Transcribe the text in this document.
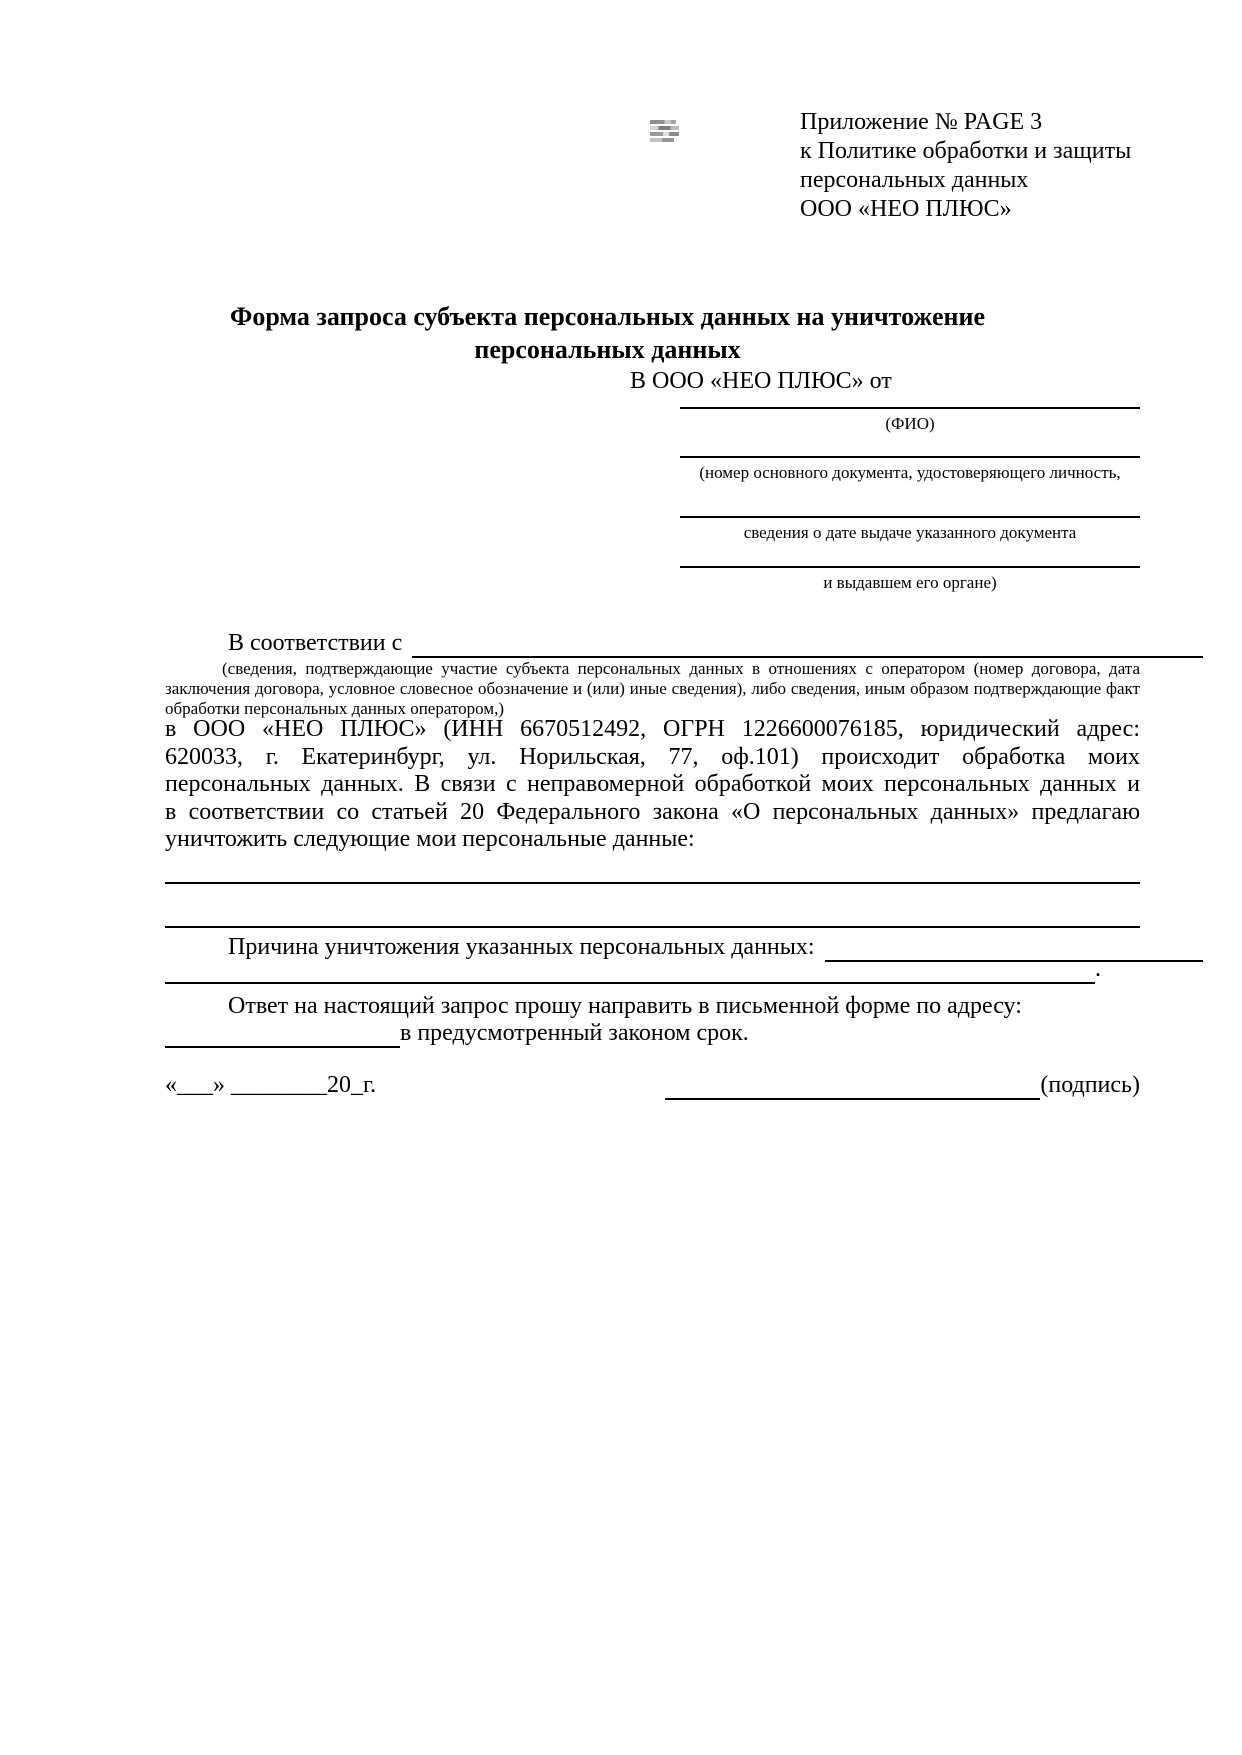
Приложение № PAGE 3
к Политике обработки и защиты
персональных данных
ООО «НЕО ПЛЮС»
Форма запроса субъекта персональных данных на уничтожение
персональных данных
В ООО «НЕО ПЛЮС» от
(ФИО)
(номер основного документа, удостоверяющего личность,
сведения о дате выдаче указанного документа
и выдавшем его органе)
В соответствии с
(сведения, подтверждающие участие субъекта персональных данных в отношениях с оператором (номер договора, дата
заключения договора, условное словесное обозначение и (или) иные сведения), либо сведения, иным образом подтверждающие факт
обработки персональных данных оператором,)
в ООО «НЕО ПЛЮС» (ИНН 6670512492, ОГРН 1226600076185, юридический адрес:
620033, г. Екатеринбург, ул. Норильская, 77, оф.101) происходит обработка моих
персональных данных. В связи с неправомерной обработкой моих персональных данных и
в соответствии со статьей 20 Федерального закона «О персональных данных» предлагаю
уничтожить следующие мои персональные данные:
Причина уничтожения указанных персональных данных:
.
Ответ на настоящий запрос прошу направить в письменной форме по адресу:
в предусмотренный законом срок.
«___» ________20_г.	(подпись)
